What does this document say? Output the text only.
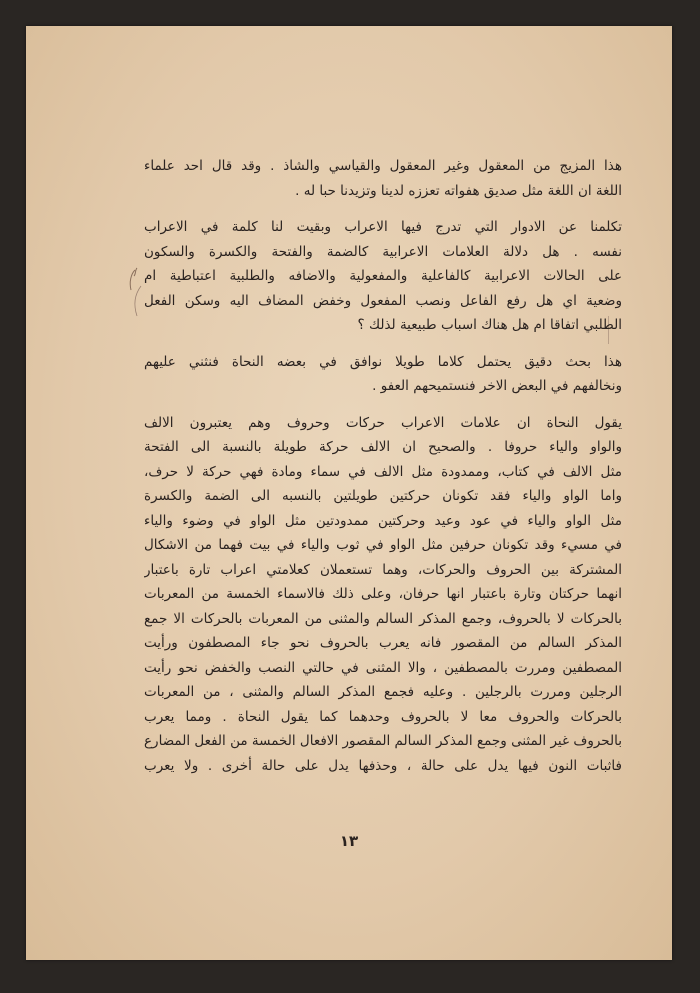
هذا المزيج من المعقول وغير المعقول والقياسي والشاذ . وقد قال احد علماء
اللغة ان اللغة مثل صديق هفواته تعززه لدينا وتزيدنا حبا له .
تكلمنا عن الادوار التي تدرج فيها الاعراب وبقيت لنا كلمة في الاعراب
نفسه . هل دلالة العلامات الاعرابية كالضمة والفتحة والكسرة والسكون
على الحالات الاعرابية كالفاعلية والمفعولية والاضافه والطلبية اعتباطية ام
وضعية اي هل رفع الفاعل ونصب المفعول وخفض المضاف اليه وسكن الفعل
الطلبي اتفاقا ام هل هناك اسباب طبيعية لذلك ؟
هذا بحث دقيق يحتمل كلاما طويلا نوافق في بعضه النحاة فنثني عليهم
ونخالفهم في البعض الاخر فنستميحهم العفو .
يقول النحاة ان علامات الاعراب حركات وحروف وهم يعتبرون الالف
والواو والياء حروفا . والصحيح ان الالف حركة طويلة بالنسبة الى الفتحة
مثل الالف في كتاب، وممدودة مثل الالف في سماء ومادة فهي حركة لا حرف،
واما الواو والياء فقد تكونان حركتين طويلتين بالنسبه الى الضمة والكسرة
مثل الواو والياء في عود وعيد وحركتين ممدودتين مثل الواو في وضوء والياء
في مسيء وقد تكونان حرفين مثل الواو في ثوب والياء في بيت فهما من الاشكال
المشتركة بين الحروف والحركات، وهما تستعملان كعلامتي اعراب تارة باعتبار
انهما حركتان وتارة باعتبار انها حرفان، وعلى ذلك فالاسماء الخمسة من المعربات
بالحركات لا بالحروف، وجمع المذكر السالم والمثنى من المعربات بالحركات الا جمع
المذكر السالم من المقصور فانه يعرب بالحروف نحو جاء المصطفون ورأيت
المصطفين ومررت بالمصطفين ، والا المثنى في حالتي النصب والخفض نحو رأيت
الرجلين ومررت بالرجلين . وعليه فجمع المذكر السالم والمثنى ، من المعربات
بالحركات والحروف معا لا بالحروف وحدهما كما يقول النحاة . ومما يعرب
بالحروف غير المثنى وجمع المذكر السالم المقصور الافعال الخمسة من الفعل المضارع
فاثبات النون فيها يدل على حالة ، وحذفها يدل على حالة أخرى . ولا يعرب
١٣
